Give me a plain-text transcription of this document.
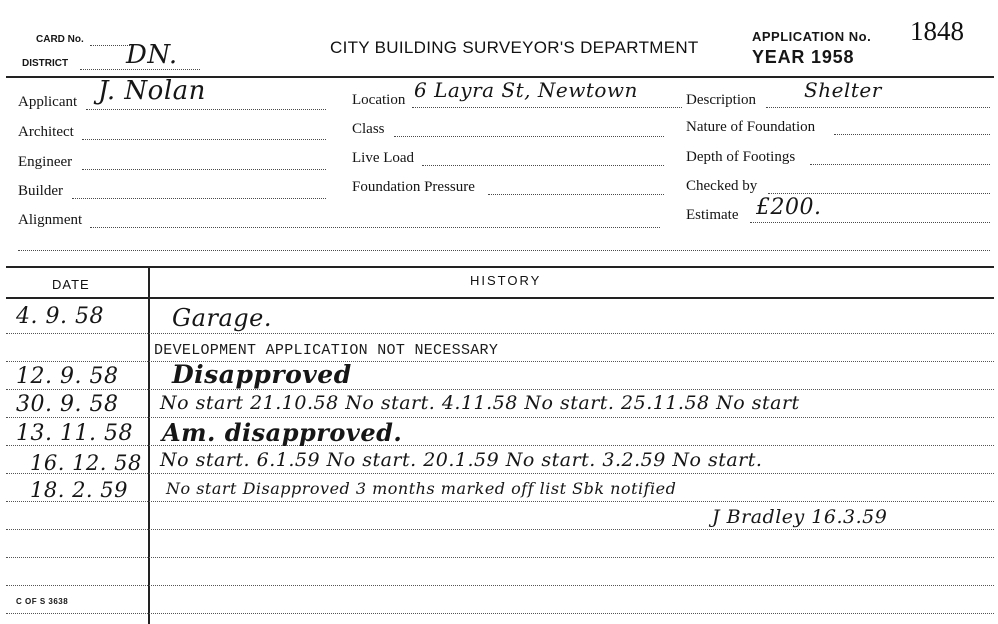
CARD No.
DISTRICT DN.	CITY BUILDING SURVEYOR'S DEPARTMENT
APPLICATION No. 1848
YEAR 1958
Applicant J. Nolan
Architect
Engineer
Builder
Alignment
Location 6 Layra St, Newtown
Class
Live Load
Foundation Pressure
Description Shelter
Nature of Foundation
Depth of Footings
Checked by
Estimate £200.
DATE	HISTORY
4. 9. 58	Garage.
DEVELOPMENT APPLICATION NOT NECESSARY
12. 9. 58 Disapproved
30. 9. 58 No start 21.10.58 No start. 4.11.58 No start. 25.11.58 No start
13. 11. 58 Am. disapproved.
16. 12. 58 No start. 6.1.59 No start. 20.1.59 No start. 3.2.59 No start.
18. 2. 59 No start Disapproved 3 months marked off list Sbk notified
J Bradley 16.3.59
C OF S 3638
